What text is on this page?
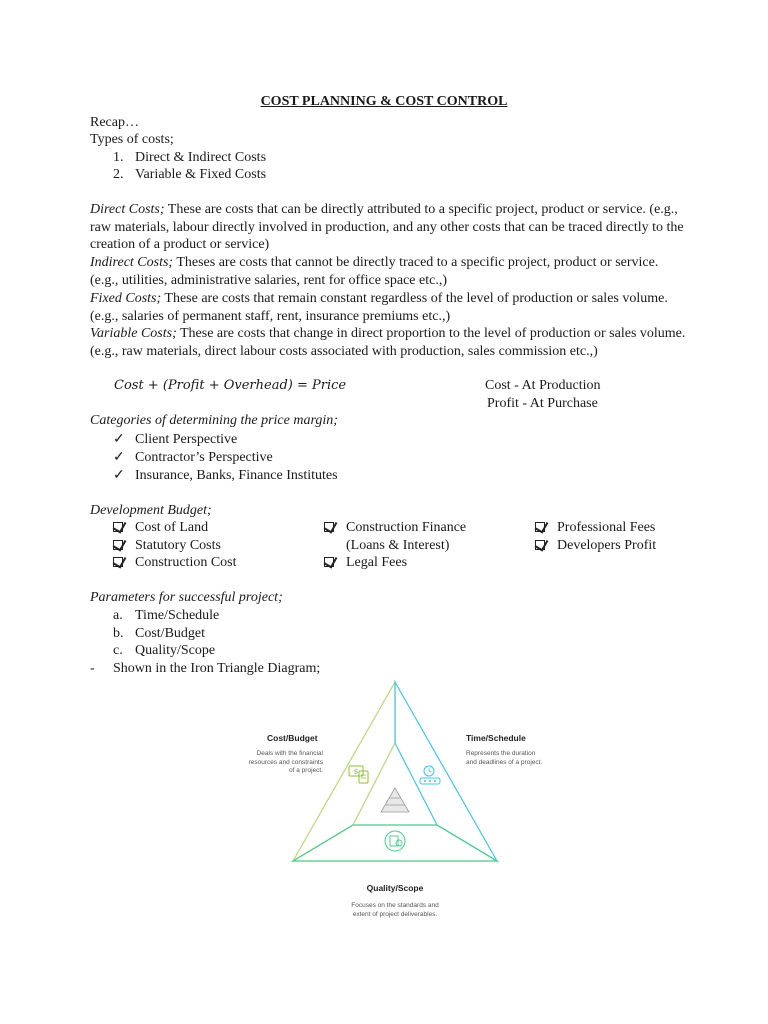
COST PLANNING & COST CONTROL
Recap…
Types of costs;
1. Direct & Indirect Costs
2. Variable & Fixed Costs
Direct Costs; These are costs that can be directly attributed to a specific project, product or service. (e.g., raw materials, labour directly involved in production, and any other costs that can be traced directly to the creation of a product or service)
Indirect Costs; Theses are costs that cannot be directly traced to a specific project, product or service. (e.g., utilities, administrative salaries, rent for office space etc.,)
Fixed Costs; These are costs that remain constant regardless of the level of production or sales volume. (e.g., salaries of permanent staff, rent, insurance premiums etc.,)
Variable Costs; These are costs that change in direct proportion to the level of production or sales volume. (e.g., raw materials, direct labour costs associated with production, sales commission etc.,)
Cost + (Profit + Overhead) = Price	Cost - At Production
Profit - At Purchase
Categories of determining the price margin;
✓ Client Perspective
✓ Contractor’s Perspective
✓ Insurance, Banks, Finance Institutes
Development Budget;
Cost of Land
Statutory Costs
Construction Cost
Construction Finance
(Loans & Interest)
Legal Fees
Professional Fees
Developers Profit
Parameters for successful project;
a. Time/Schedule
b. Cost/Budget
c. Quality/Scope
- Shown in the Iron Triangle Diagram;
$
Cost/Budget
Deals with the financial resources and constraints of a project.
Time/Schedule
Represents the duration and deadlines of a project.
Quality/Scope
Focuses on the standards and extent of project deliverables.
